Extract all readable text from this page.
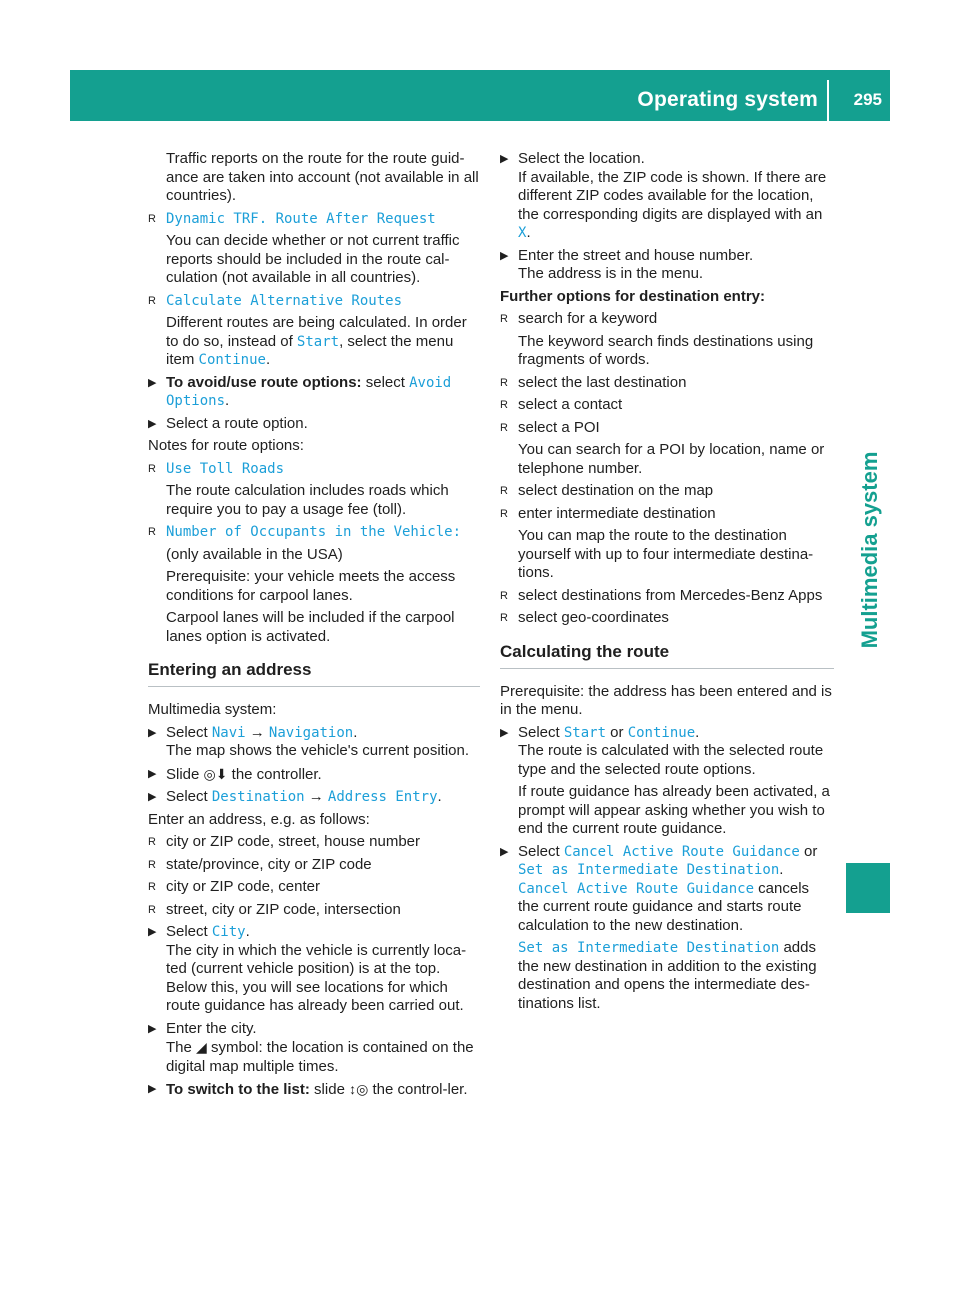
Operating system 295
Multimedia system

Traffic reports on the route for the route guid-ance are taken into account (not available in all countries).

R Dynamic TRF. Route After Request

You can decide whether or not current traffic reports should be included in the route cal-culation (not available in all countries).

R Calculate Alternative Routes

Different routes are being calculated. In order to do so, instead of Start, select the menu item Continue.

▶ To avoid/use route options: select Avoid Options.
▶ Select a route option.

Notes for route options:

R Use Toll Roads

The route calculation includes roads which require you to pay a usage fee (toll).

R Number of Occupants in the Vehicle:

(only available in the USA)

Prerequisite: your vehicle meets the access conditions for carpool lanes.

Carpool lanes will be included if the carpool lanes option is activated.

Entering an address

Multimedia system:

▶ Select Navi → Navigation.
The map shows the vehicle's current position.
▶ Slide ◎⬇ the controller.
▶ Select Destination → Address Entry.

Enter an address, e.g. as follows:

R city or ZIP code, street, house number
R state/province, city or ZIP code
R city or ZIP code, center
R street, city or ZIP code, intersection
▶ Select City.
The city in which the vehicle is currently loca-ted (current vehicle position) is at the top. Below this, you will see locations for which route guidance has already been carried out.
▶ Enter the city.
The ◢ symbol: the location is contained on the digital map multiple times.
▶ To switch to the list: slide ↕◎ the control-ler.
▶ Select the location.
If available, the ZIP code is shown. If there are different ZIP codes available for the location, the corresponding digits are displayed with an X.
▶ Enter the street and house number.
The address is in the menu.

Further options for destination entry:

R search for a keyword

The keyword search finds destinations using fragments of words.

R select the last destination
R select a contact
R select a POI

You can search for a POI by location, name or telephone number.

R select destination on the map
R enter intermediate destination

You can map the route to the destination yourself with up to four intermediate destina-tions.

R select destinations from Mercedes-Benz Apps
R select geo-coordinates
Calculating the route

Prerequisite: the address has been entered and is in the menu.

▶ Select Start or Continue.
The route is calculated with the selected route type and the selected route options.

If route guidance has already been activated, a prompt will appear asking whether you wish to end the current route guidance.

▶ Select Cancel Active Route Guidance or
Set as Intermediate Destination.
Cancel Active Route Guidance cancels the current route guidance and starts route calculation to the new destination.

Set as Intermediate Destination adds the new destination in addition to the existing destination and opens the intermediate des-tinations list.
